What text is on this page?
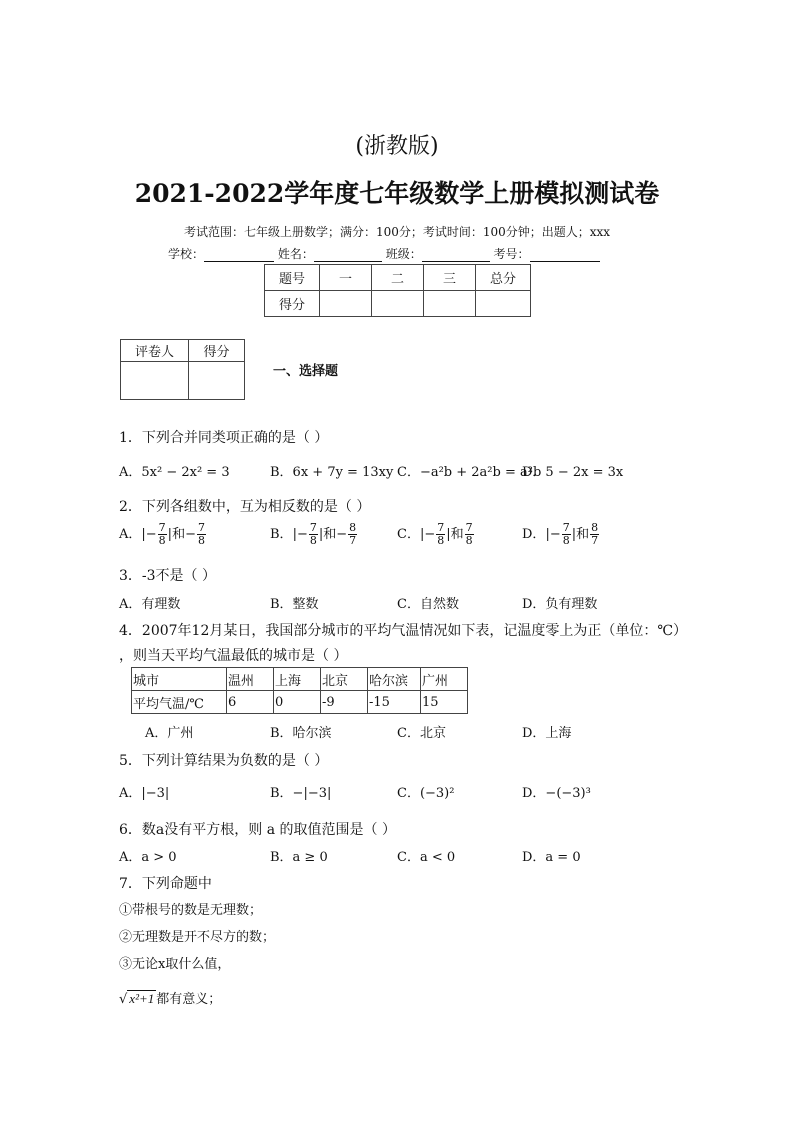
(浙教版)
2021-2022学年度七年级数学上册模拟测试卷
考试范围：七年级上册数学；满分：100分；考试时间：100分钟；出题人；xxx
学校：	姓名：	班级：	考号：
题号	一	二	三	总分
得分				
评卷人	得分

一、选择题
1．下列合并同类项正确的是（ ）
A．5x² − 2x² = 3	B．6x + 7y = 13xy C．−a²b + 2a²b = a²b
D．5 − 2x = 3x
2．下列各组数中，互为相反数的是（ ）
A．|− $\frac{7}{8}$ |和− $\frac{7}{8}$	B．|− $\frac{7}{8}$ |和− $\frac{8}{7}$	C．|− $\frac{7}{8}$ |和 $\frac{7}{8}$	D．|− $\frac{7}{8}$ |和 $\frac{8}{7}$
3．-3不是（ ）
A．有理数	B．整数	C．自然数	D．负有理数
4．2007年12月某日，我国部分城市的平均气温情况如下表，记温度零上为正（单位：℃）
，则当天平均气温最低的城市是（ ）
城市	温州	上海	北京	哈尔滨	广州
平均气温/℃	6	0	-9	-15	15
A．广州	B．哈尔滨	C．北京	D．上海
5．下列计算结果为负数的是（ ）
A．|−3|	B．−|−3|	C．(−3)²	D．−(−3)³
6．数a没有平方根，则 a 的取值范围是（ ）
A．a > 0	B．a ≥ 0	C．a < 0	D．a = 0
7．下列命题中
①带根号的数是无理数；
②无理数是开不尽方的数；
③无论x取什么值，
√ x²+1 都有意义；
